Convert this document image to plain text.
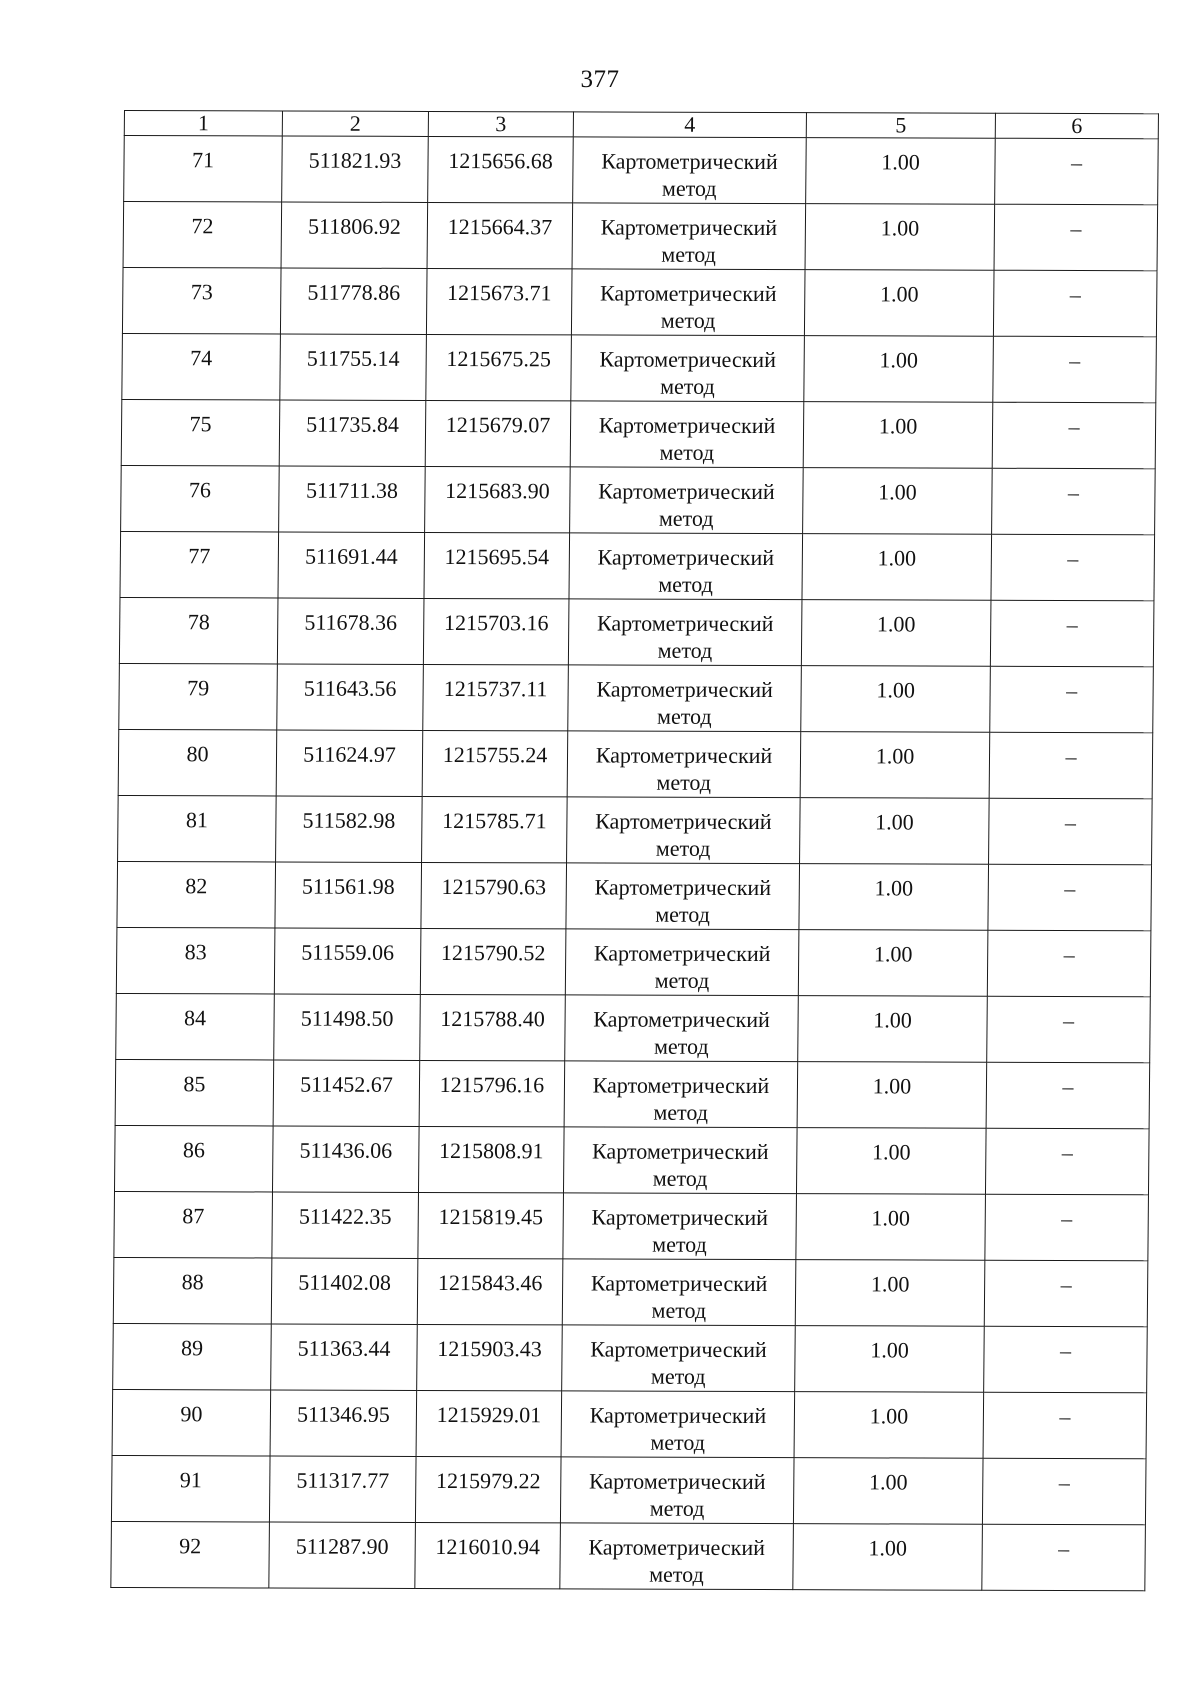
377
1	2	3	4	5	6
71	511821.93	1215656.68	Картометрический
метод	1.00	–
72	511806.92	1215664.37	Картометрический
метод	1.00	–
73	511778.86	1215673.71	Картометрический
метод	1.00	–
74	511755.14	1215675.25	Картометрический
метод	1.00	–
75	511735.84	1215679.07	Картометрический
метод	1.00	–
76	511711.38	1215683.90	Картометрический
метод	1.00	–
77	511691.44	1215695.54	Картометрический
метод	1.00	–
78	511678.36	1215703.16	Картометрический
метод	1.00	–
79	511643.56	1215737.11	Картометрический
метод	1.00	–
80	511624.97	1215755.24	Картометрический
метод	1.00	–
81	511582.98	1215785.71	Картометрический
метод	1.00	–
82	511561.98	1215790.63	Картометрический
метод	1.00	–
83	511559.06	1215790.52	Картометрический
метод	1.00	–
84	511498.50	1215788.40	Картометрический
метод	1.00	–
85	511452.67	1215796.16	Картометрический
метод	1.00	–
86	511436.06	1215808.91	Картометрический
метод	1.00	–
87	511422.35	1215819.45	Картометрический
метод	1.00	–
88	511402.08	1215843.46	Картометрический
метод	1.00	–
89	511363.44	1215903.43	Картометрический
метод	1.00	–
90	511346.95	1215929.01	Картометрический
метод	1.00	–
91	511317.77	1215979.22	Картометрический
метод	1.00	–
92	511287.90	1216010.94	Картометрический
метод	1.00	–
